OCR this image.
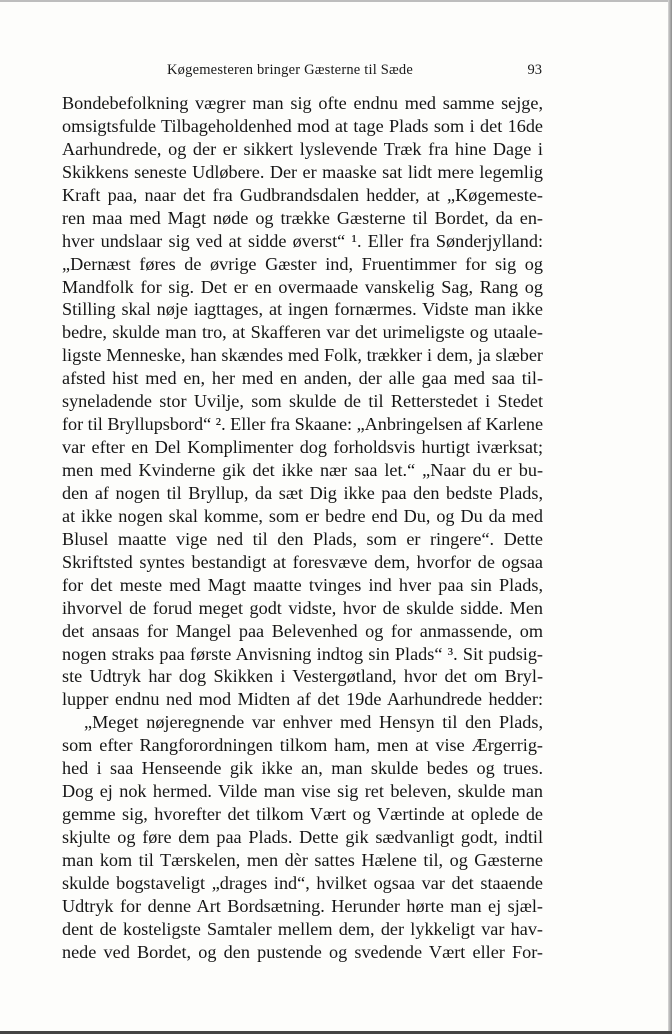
Køgemesteren bringer Gæsterne til Sæde	93
Bondebefolkning vægrer man sig ofte endnu med samme sejge,
omsigtsfulde Tilbageholdenhed mod at tage Plads som i det 16de
Aarhundrede, og der er sikkert lyslevende Træk fra hine Dage i
Skikkens seneste Udløbere. Der er maaske sat lidt mere legemlig
Kraft paa, naar det fra Gudbrandsdalen hedder, at „Køgemeste-
ren maa med Magt nøde og trække Gæsterne til Bordet, da en-
hver undslaar sig ved at sidde øverst“ ¹. Eller fra Sønderjylland:
„Dernæst føres de øvrige Gæster ind, Fruentimmer for sig og
Mandfolk for sig. Det er en overmaade vanskelig Sag, Rang og
Stilling skal nøje iagttages, at ingen fornærmes. Vidste man ikke
bedre, skulde man tro, at Skafferen var det urimeligste og utaale-
ligste Menneske, han skændes med Folk, trækker i dem, ja slæber
afsted hist med en, her med en anden, der alle gaa med saa til-
syneladende stor Uvilje, som skulde de til Retterstedet i Stedet
for til Bryllupsbord“ ². Eller fra Skaane: „Anbringelsen af Karlene
var efter en Del Komplimenter dog forholdsvis hurtigt iværksat;
men med Kvinderne gik det ikke nær saa let.“ „Naar du er bu-
den af nogen til Bryllup, da sæt Dig ikke paa den bedste Plads,
at ikke nogen skal komme, som er bedre end Du, og Du da med
Blusel maatte vige ned til den Plads, som er ringere“. Dette
Skriftsted syntes bestandigt at foresvæve dem, hvorfor de ogsaa
for det meste med Magt maatte tvinges ind hver paa sin Plads,
ihvorvel de forud meget godt vidste, hvor de skulde sidde. Men
det ansaas for Mangel paa Belevenhed og for anmassende, om
nogen straks paa første Anvisning indtog sin Plads“ ³. Sit pudsig-
ste Udtryk har dog Skikken i Vestergøtland, hvor det om Bryl-
lupper endnu ned mod Midten af det 19de Aarhundrede hedder:
„Meget nøjeregnende var enhver med Hensyn til den Plads,
som efter Rangforordningen tilkom ham, men at vise Ærgerrig-
hed i saa Henseende gik ikke an, man skulde bedes og trues.
Dog ej nok hermed. Vilde man vise sig ret beleven, skulde man
gemme sig, hvorefter det tilkom Vært og Værtinde at oplede de
skjulte og føre dem paa Plads. Dette gik sædvanligt godt, indtil
man kom til Tærskelen, men dèr sattes Hælene til, og Gæsterne
skulde bogstaveligt „drages ind“, hvilket ogsaa var det staaende
Udtryk for denne Art Bordsætning. Herunder hørte man ej sjæl-
dent de kosteligste Samtaler mellem dem, der lykkeligt var hav-
nede ved Bordet, og den pustende og svedende Vært eller For-
